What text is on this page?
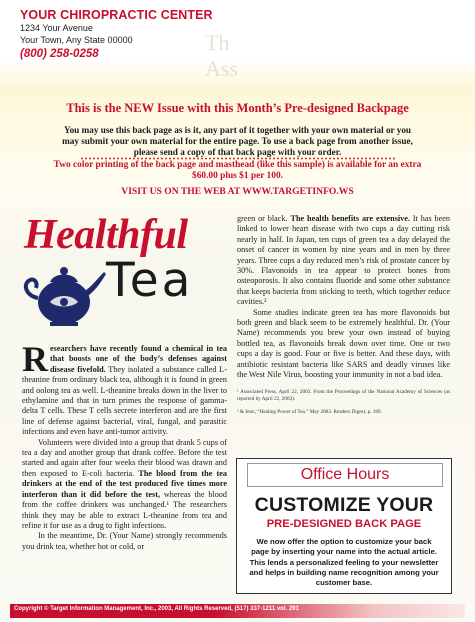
Th
Ass

YOUR CHIROPRACTIC CENTER
1234 Your Avenue
Your Town, Any State 00000
(800) 258-0258
This is the NEW Issue with this Month’s Pre-designed Backpage
You may use this back page as is it, any part of it together with your own material or you may submit your own material for the entire page. To use a back page from another issue, please send a copy of that back page with your order.
Two color printing of the back page and masthead (like this sample) is available for an extra $60.00 plus $1 per 100.
VISIT US ON THE WEB AT WWW.TARGETINFO.WS
Healthful
Tea

Researchers have recently found a chemical in tea that boosts one of the body’s defenses against disease fivefold. They isolated a substance called L-theanine from ordinary black tea, although it is found in green and oolong tea as well. L-theanine breaks down in the liver to ethylamine and that in turn primes the response of gamma-delta T cells. These T cells secrete interferon and are the first line of defense against bacterial, viral, fungal, and parasitic infections and even have anti-tumor activity.

Volunteers were divided into a group that drank 5 cups of tea a day and another group that drank coffee. Before the test started and again after four weeks their blood was drawn and then exposed to E-coli bacteria. The blood from the tea drinkers at the end of the test produced five times more interferon than it did before the test, whereas the blood from the coffee drinkers was unchanged.¹ The researchers think they may be able to extract L-theanine from tea and refine it for use as a drug to fight infections.

In the meantime, Dr. (Your Name) strongly recommends you drink tea, whether hot or cold, or

green or black. The health benefits are extensive. It has been linked to lower heart disease with two cups a day cutting risk nearly in half. In Japan, ten cups of green tea a day delayed the onset of cancer in women by nine years and in men by three years. Three cups a day reduced men’s risk of prostate cancer by 30%. Flavonoids in tea appear to protect bones from osteoporosis. It also contains fluoride and some other substance that keeps bacteria from sticking to teeth, which together reduce cavities.²

Some studies indicate green tea has more flavonoids but both green and black seem to be extremely healthful. Dr. (Your Name) recommends you brew your own instead of buying bottled tea, as flavonoids break down over time. One or two cups a day is good. Four or five is better. And these days, with antibiotic resistant bacteria like SARS and deadly viruses like the West Nile Virus, boosting your immunity in not a bad idea.

¹ Associated Press, April 22, 2003. From the Proceedings of the National Academy of Sciences (as reported by April 22, 2003).
² & Jenn, “Healing Power of Tea.” May 2003. Readers Digest, p. 189.
Office Hours
CUSTOMIZE YOUR
PRE-DESIGNED BACK PAGE
We now offer the option to customize your back page by inserting your name into the actual article. This lends a personalized feeling to your newsletter and helps in building name recognition among your customer base.
Copyright © Target Information Management, Inc., 2003, All Rights Reserved, (517) 337-1211 vol. 291
